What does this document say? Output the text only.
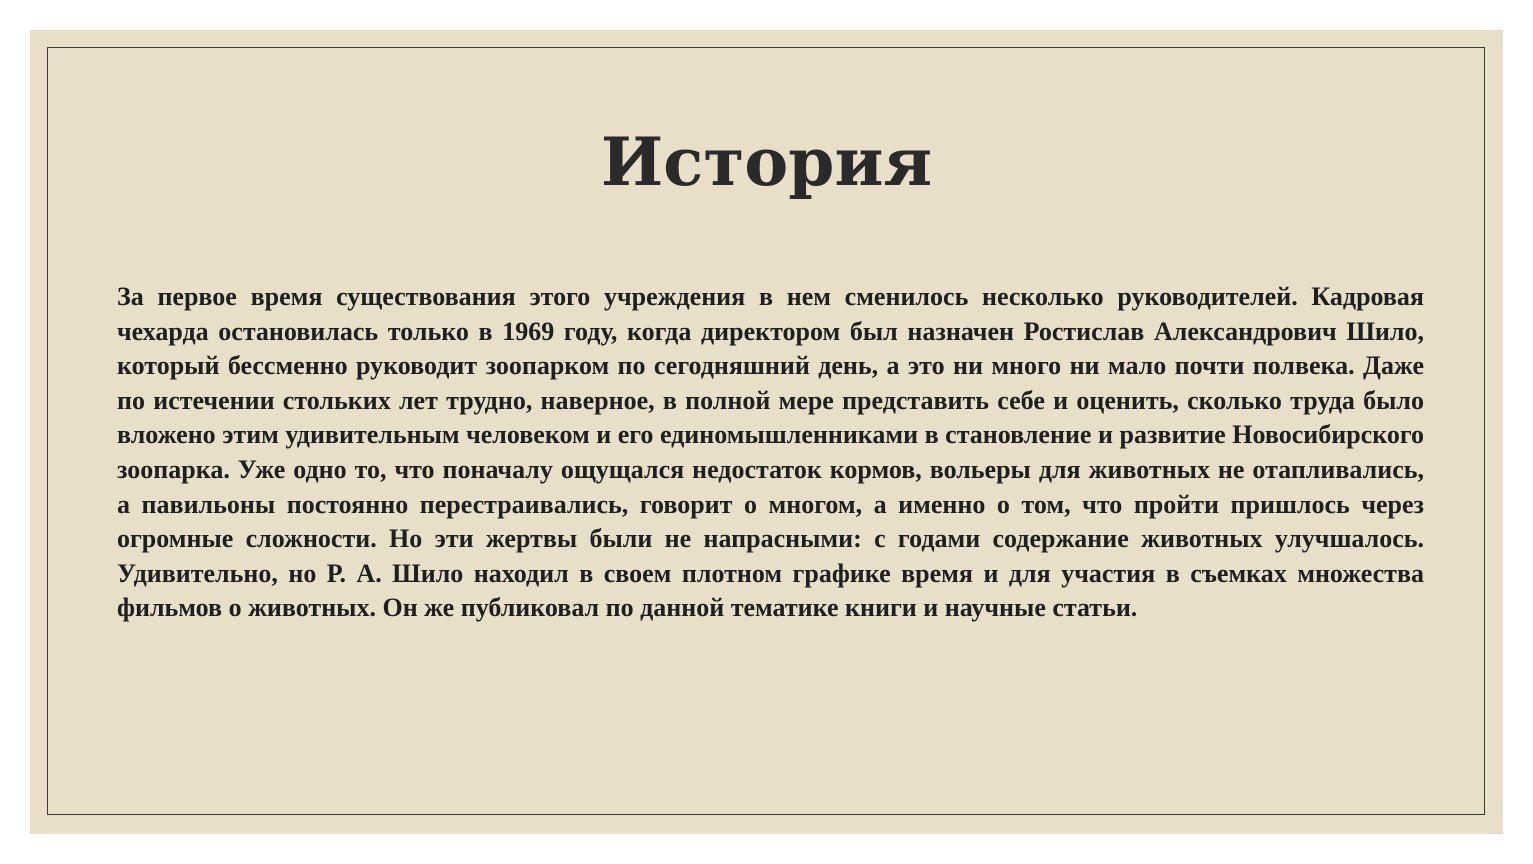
История

За первое время существования этого учреждения в нем сменилось несколько руководителей. Кадровая чехарда остановилась только в 1969 году, когда директором был назначен Ростислав Александрович Шило, который бессменно руководит зоопарком по сегодняшний день, а это ни много ни мало почти полвека. Даже по истечении стольких лет трудно, наверное, в полной мере представить себе и оценить, сколько труда было вложено этим удивительным человеком и его единомышленниками в становление и развитие Новосибирского зоопарка. Уже одно то, что поначалу ощущался недостаток кормов, вольеры для животных не отапливались, а павильоны постоянно перестраивались, говорит о многом, а именно о том, что пройти пришлось через огромные сложности. Но эти жертвы были не напрасными: с годами содержание животных улучшалось. Удивительно, но Р. А. Шило находил в своем плотном графике время и для участия в съемках множества фильмов о животных. Он же публиковал по данной тематике книги и научные статьи.
